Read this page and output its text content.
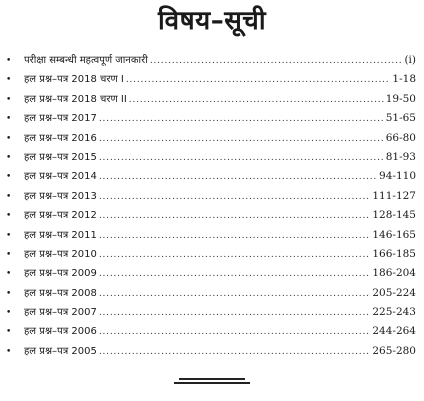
विषय–सूची
•	परीक्षा सम्बन्धी महत्वपूर्ण जानकारी .....	(i)
•	हल प्रश्न–पत्र 2018 चरण I .....	1-18
•	हल प्रश्न–पत्र 2018 चरण II .....	19-50
•	हल प्रश्न–पत्र 2017 .....	51-65
•	हल प्रश्न–पत्र 2016 .....	66-80
•	हल प्रश्न–पत्र 2015 .....	81-93
•	हल प्रश्न–पत्र 2014 .....	94-110
•	हल प्रश्न–पत्र 2013 .....	111-127
•	हल प्रश्न–पत्र 2012 .....	128-145
•	हल प्रश्न–पत्र 2011 .....	146-165
•	हल प्रश्न–पत्र 2010 .....	166-185
•	हल प्रश्न–पत्र 2009 .....	186-204
•	हल प्रश्न–पत्र 2008 .....	205-224
•	हल प्रश्न–पत्र 2007 .....	225-243
•	हल प्रश्न–पत्र 2006 .....	244-264
•	हल प्रश्न–पत्र 2005 .....	265-280
